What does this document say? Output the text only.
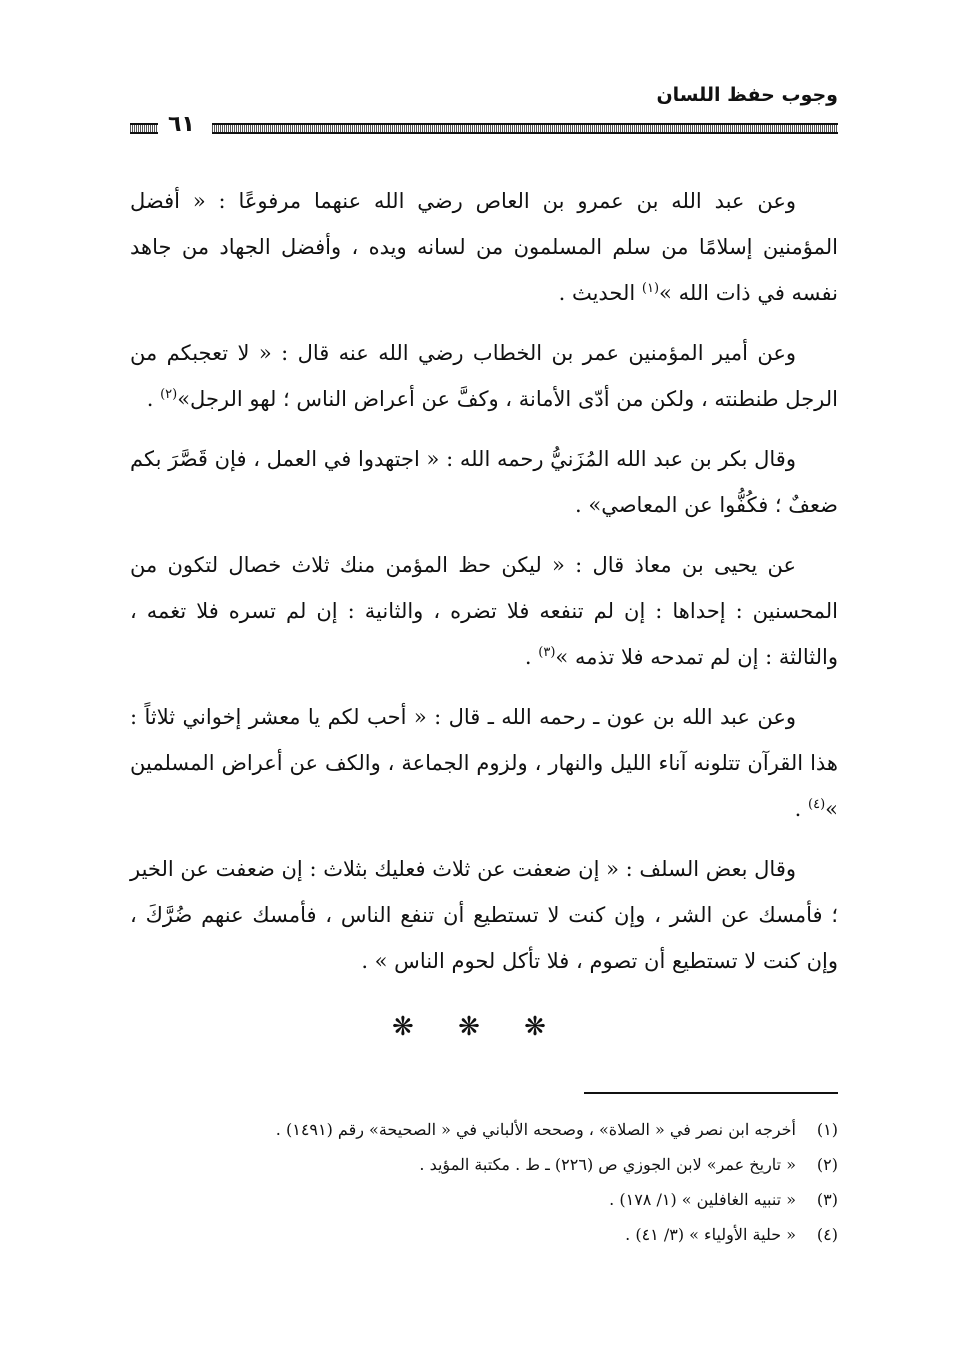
وجوب حفظ اللسان
٦١

وعن عبد الله بن عمرو بن العاص رضي الله عنهما مرفوعًا : « أفضل المؤمنين إسلامًا من سلم المسلمون من لسانه ويده ، وأفضل الجهاد من جاهد نفسه في ذات الله »$^{(١)}$ الحديث .

وعن أمير المؤمنين عمر بن الخطاب رضي الله عنه قال : « لا تعجبكم من الرجل طنطنته ، ولكن من أدّى الأمانة ، وكفَّ عن أعراض الناس ؛ لهو الرجل»$^{(٢)}$ .

وقال بكر بن عبد الله المُزَنيُّ رحمه الله : « اجتهدوا في العمل ، فإن قَصَّرَ بكم ضعفٌ ؛ فكُفُّوا عن المعاصي» .

عن يحيى بن معاذ قال : « ليكن حظ المؤمن منك ثلاث خصال لتكون من المحسنين : إحداها : إن لم تنفعه فلا تضره ، والثانية : إن لم تسره فلا تغمه ، والثالثة : إن لم تمدحه فلا تذمه »$^{(٣)}$ .

وعن عبد الله بن عون ـ رحمه الله ـ قال : « أحب لكم يا معشر إخواني ثلاثاً : هذا القرآن تتلونه آناء الليل والنهار ، ولزوم الجماعة ، والكف عن أعراض المسلمين »$^{(٤)}$ .

وقال بعض السلف : « إن ضعفت عن ثلاث فعليك بثلاث : إن ضعفت عن الخير ؛ فأمسك عن الشر ، وإن كنت لا تستطيع أن تنفع الناس ، فأمسك عنهم ضُرَّكَ ، وإن كنت لا تستطيع أن تصوم ، فلا تأكل لحوم الناس » .

❋ ❋ ❋
(١)
أخرجه ابن نصر في « الصلاة» ، وصححه الألباني في « الصحيحة» رقم (١٤٩١) .
(٢)
« تاريخ عمر» لابن الجوزي ص (٢٢٦) ـ ط . مكتبة المؤيد .
(٣)
« تنبيه الغافلين » (١/ ١٧٨) .
(٤)
« حلية الأولياء » (٣/ ٤١) .
